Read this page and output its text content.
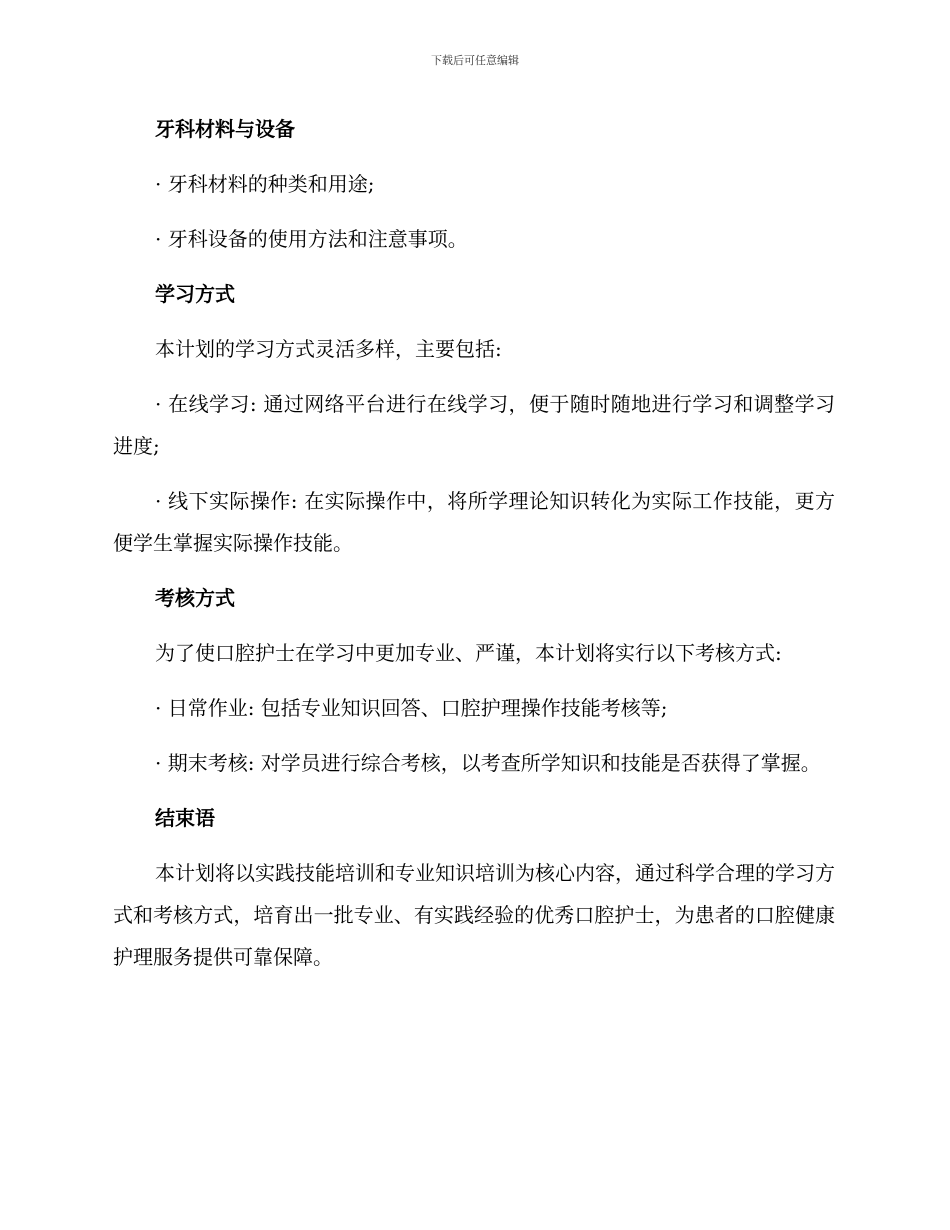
下载后可任意编辑
牙科材料与设备

· 牙科材料的种类和用途;

· 牙科设备的使用方法和注意事项。

学习方式

本计划的学习方式灵活多样，主要包括:

· 在线学习: 通过网络平台进行在线学习，便于随时随地进行学习和调整学习进度;

· 线下实际操作: 在实际操作中，将所学理论知识转化为实际工作技能，更方便学生掌握实际操作技能。

考核方式

为了使口腔护士在学习中更加专业、严谨，本计划将实行以下考核方式:

· 日常作业: 包括专业知识回答、口腔护理操作技能考核等;

· 期末考核: 对学员进行综合考核，以考查所学知识和技能是否获得了掌握。

结束语

本计划将以实践技能培训和专业知识培训为核心内容，通过科学合理的学习方式和考核方式，培育出一批专业、有实践经验的优秀口腔护士，为患者的口腔健康护理服务提供可靠保障。
